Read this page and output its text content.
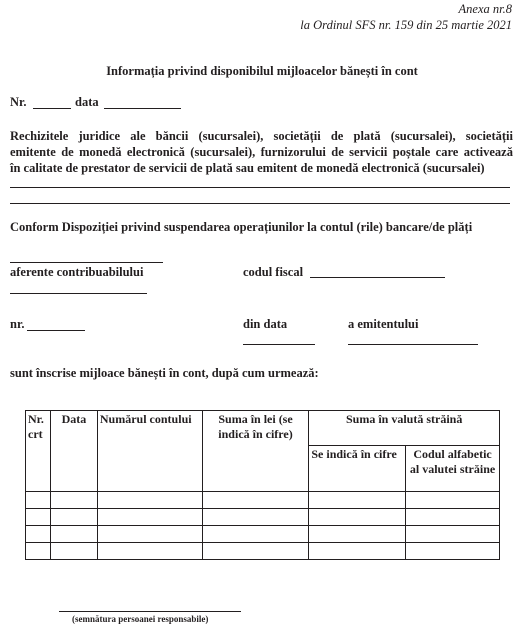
Anexa nr.8
la Ordinul SFS nr. 159 din 25 martie 2021
Informația privind disponibilul mijloacelor bănești în cont
Nr.	data
Rechizitele juridice ale băncii (sucursalei), societății de plată (sucursalei), societății
emitente de monedă electronică (sucursalei), furnizorului de servicii poștale care activează
în calitate de prestator de servicii de plată sau emitent de monedă electronică (sucursalei)
Conform Dispoziției privind suspendarea operațiunilor la contul (rile) bancare/de plăți
aferente contribuabilului	codul fiscal
nr.	din data	a emitentului
sunt înscrise mijloace bănești în cont, după cum urmează:
Nr. crt	Data	Numărul contului	Suma în lei (se indică în cifre)	Suma în valută străină	
				Se indică în cifre	Codul alfabetic al valutei străine

(semnătura persoanei responsabile)
